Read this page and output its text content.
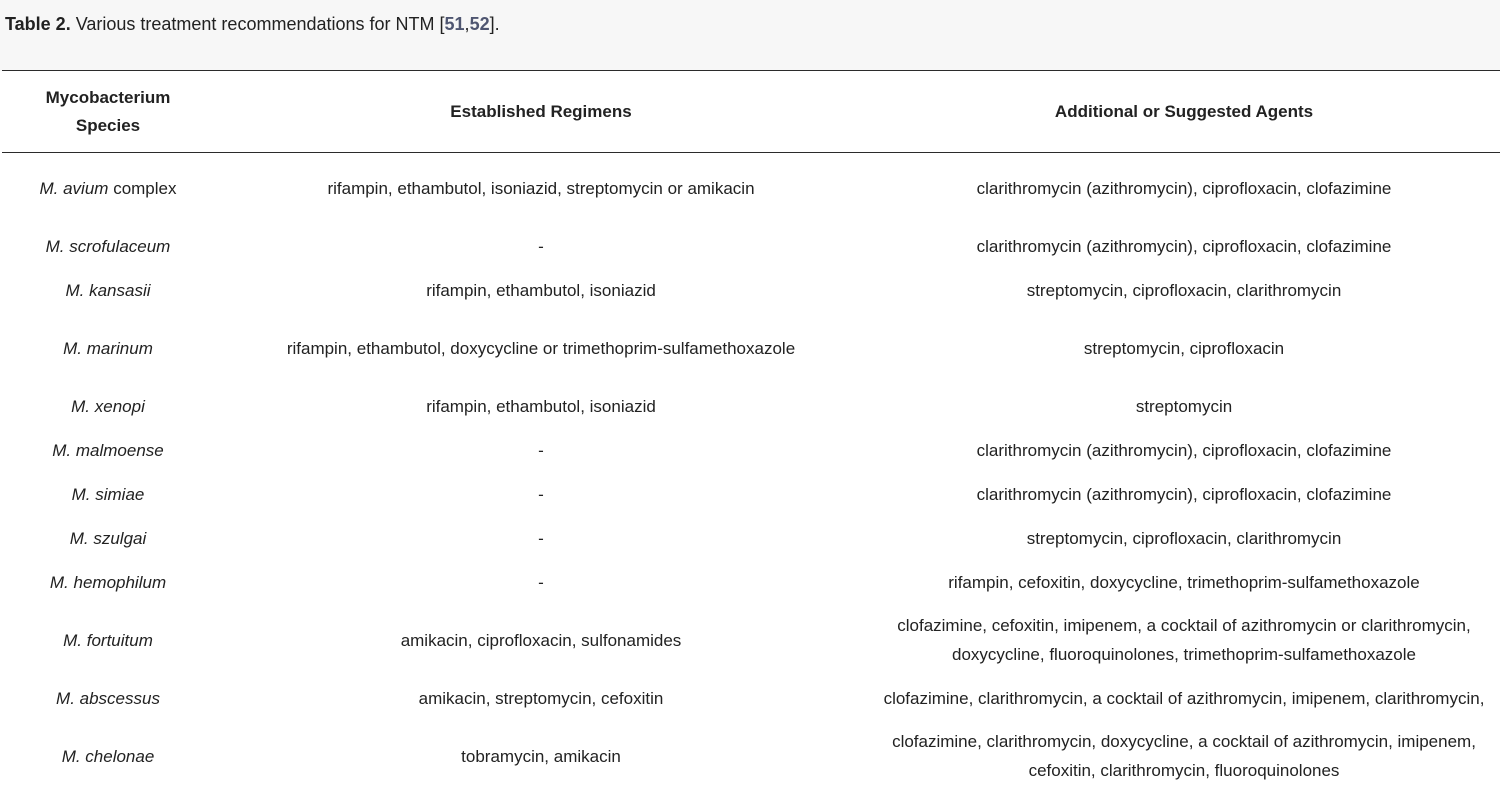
Table 2. Various treatment recommendations for NTM [51,52].
Mycobacterium Species	Established Regimens	Additional or Suggested Agents
M. avium complex	rifampin, ethambutol, isoniazid, streptomycin or amikacin	clarithromycin (azithromycin), ciprofloxacin, clofazimine
M. scrofulaceum	-	clarithromycin (azithromycin), ciprofloxacin, clofazimine
M. kansasii	rifampin, ethambutol, isoniazid	streptomycin, ciprofloxacin, clarithromycin
M. marinum	rifampin, ethambutol, doxycycline or trimethoprim-sulfamethoxazole	streptomycin, ciprofloxacin
M. xenopi	rifampin, ethambutol, isoniazid	streptomycin
M. malmoense	-	clarithromycin (azithromycin), ciprofloxacin, clofazimine
M. simiae	-	clarithromycin (azithromycin), ciprofloxacin, clofazimine
M. szulgai	-	streptomycin, ciprofloxacin, clarithromycin
M. hemophilum	-	rifampin, cefoxitin, doxycycline, trimethoprim-sulfamethoxazole
M. fortuitum	amikacin, ciprofloxacin, sulfonamides	clofazimine, cefoxitin, imipenem, a cocktail of azithromycin or clarithromycin, doxycycline, fluoroquinolones, trimethoprim-sulfamethoxazole
M. abscessus	amikacin, streptomycin, cefoxitin	clofazimine, clarithromycin, a cocktail of azithromycin, imipenem, clarithromycin,
M. chelonae	tobramycin, amikacin	clofazimine, clarithromycin, doxycycline, a cocktail of azithromycin, imipenem, cefoxitin, clarithromycin, fluoroquinolones
